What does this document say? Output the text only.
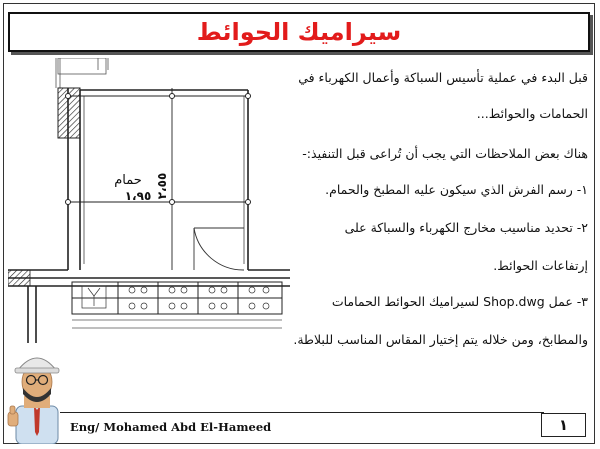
سيراميك الحوائط
حمام
١،٩٥ ٢،٥٥
قبل البدء في عملية تأسيس السباكة وأعمال الكهرباء في
الحمامات والحوائط...
هناك بعض الملاحظات التي يجب أن تُراعى قبل التنفيذ:-
١- رسم الفرش الذي سيكون عليه المطبخ والحمام.
٢- تحديد مناسيب مخارج الكهرباء والسباكة على
إرتفاعات الحوائط.
٣- عمل Shop.dwg لسيراميك الحوائط الحمامات
والمطابخ، ومن خلاله يتم إختيار المقاس المناسب للبلاطة.
Eng/ Mohamed Abd El-Hameed	١
